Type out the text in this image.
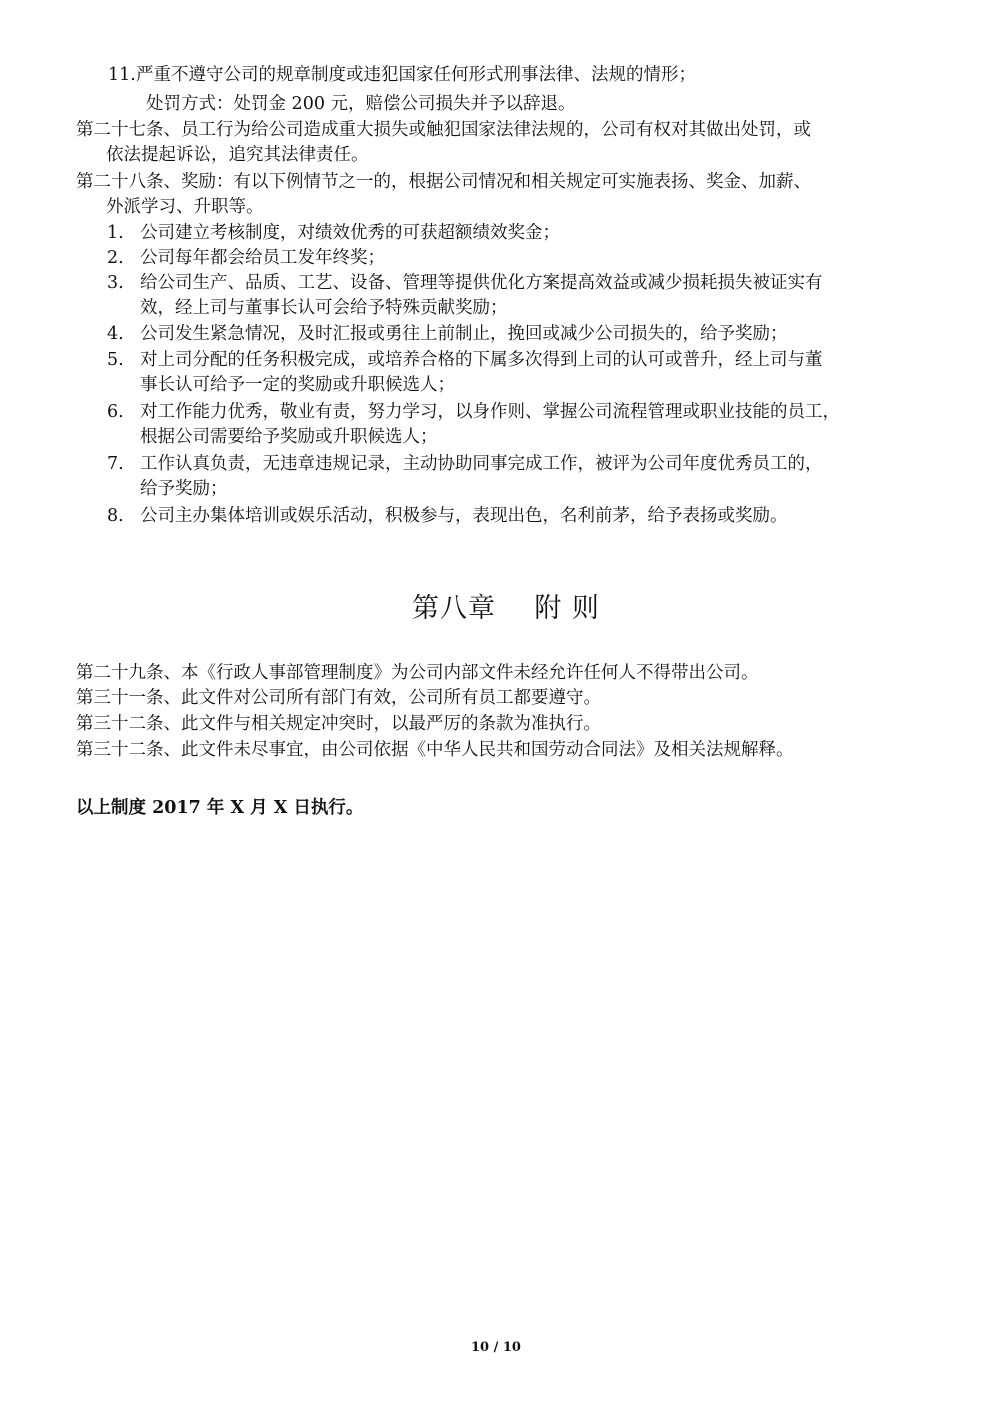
11. 严重不遵守公司的规章制度或违犯国家任何形式刑事法律、法规的情形；
处罚方式：处罚金 200 元，赔偿公司损失并予以辞退。
第二十七条、员工行为给公司造成重大损失或触犯国家法律法规的，公司有权对其做出处罚，或
依法提起诉讼，追究其法律责任。
第二十八条、奖励：有以下例情节之一的，根据公司情况和相关规定可实施表扬、奖金、加薪、
外派学习、升职等。
1. 公司建立考核制度，对绩效优秀的可获超额绩效奖金；
2. 公司每年都会给员工发年终奖；
3. 给公司生产、品质、工艺、设备、管理等提供优化方案提高效益或减少损耗损失被证实有
效，经上司与董事长认可会给予特殊贡献奖励；
4. 公司发生紧急情况，及时汇报或勇往上前制止，挽回或减少公司损失的，给予奖励；
5. 对上司分配的任务积极完成，或培养合格的下属多次得到上司的认可或普升，经上司与董
事长认可给予一定的奖励或升职候选人；
6. 对工作能力优秀，敬业有责，努力学习，以身作则、掌握公司流程管理或职业技能的员工，
根据公司需要给予奖励或升职候选人；
7. 工作认真负责，无违章违规记录，主动协助同事完成工作，被评为公司年度优秀员工的，
给予奖励；
8. 公司主办集体培训或娱乐活动，积极参与，表现出色，名利前茅，给予表扬或奖励。
第八章    附 则
第二十九条、本《行政人事部管理制度》为公司内部文件未经允许任何人不得带出公司。
第三十一条、此文件对公司所有部门有效，公司所有员工都要遵守。
第三十二条、此文件与相关规定冲突时，以最严厉的条款为准执行。
第三十二条、此文件未尽事宜，由公司依据《中华人民共和国劳动合同法》及相关法规解释。
以上制度 2017 年 X 月 X 日执行。
10 / 10
